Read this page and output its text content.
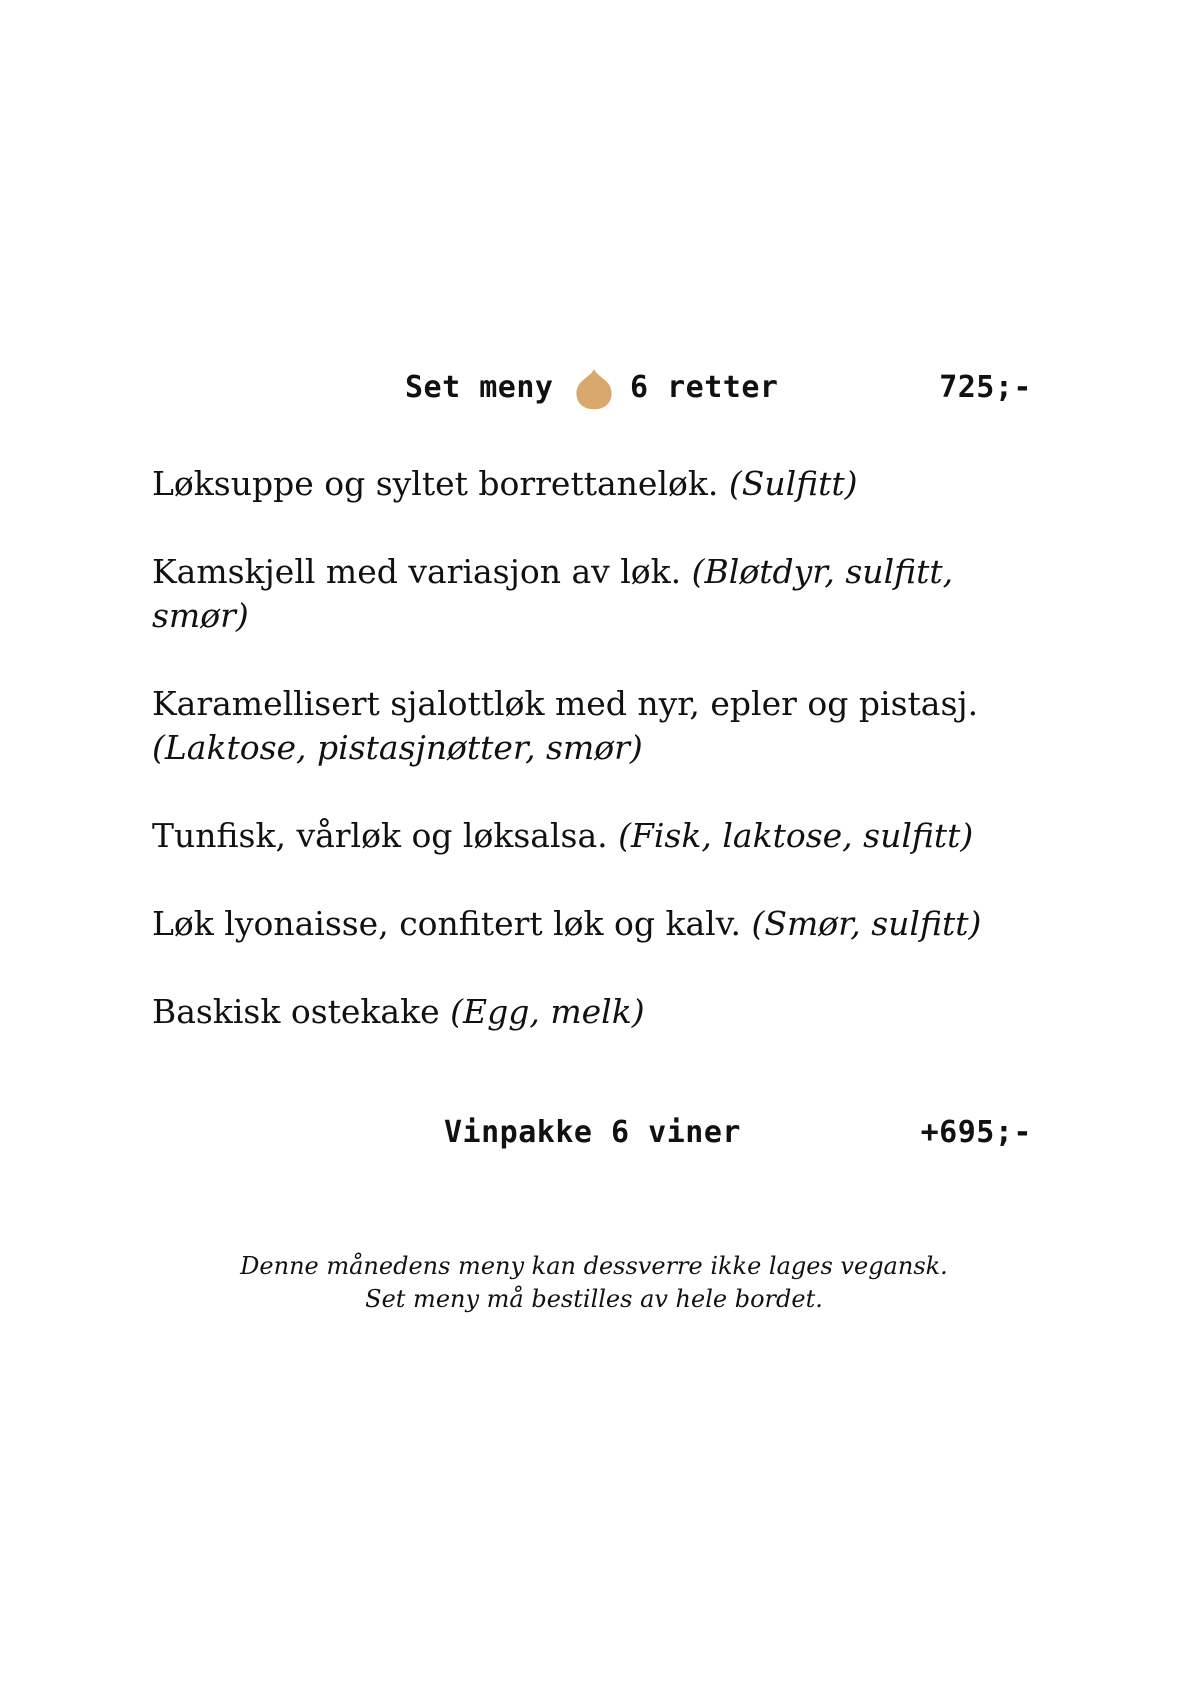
Set meny	6 retter	725;-
Løksuppe og syltet borrettaneløk. (Sulfitt)
Kamskjell med variasjon av løk. (Bløtdyr, sulfitt, smør)
Karamellisert sjalottløk med nyr, epler og pistasj. (Laktose, pistasjnøtter, smør)
Tunfisk, vårløk og løksalsa. (Fisk, laktose, sulfitt)
Løk lyonaisse, confitert løk og kalv. (Smør, sulfitt)
Baskisk ostekake (Egg, melk)
Vinpakke 6 viner	+695;-
Denne månedens meny kan dessverre ikke lages vegansk.
Set meny må bestilles av hele bordet.
